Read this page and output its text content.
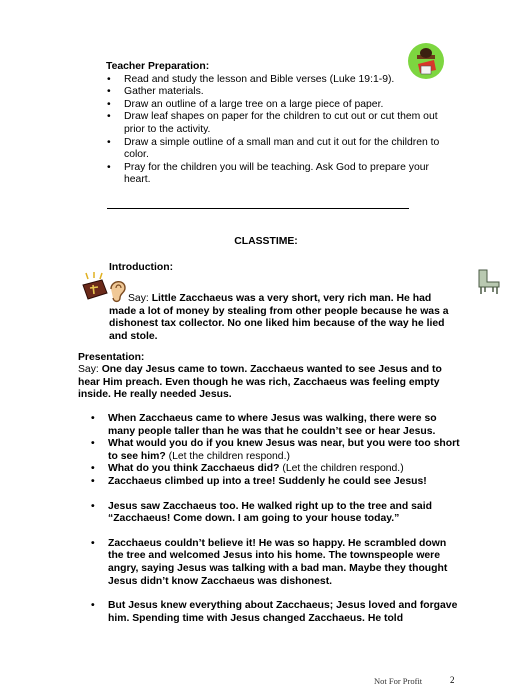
Teacher Preparation:
• Read and study the lesson and Bible verses (Luke 19:1-9).
• Gather materials.
• Draw an outline of a large tree on a large piece of paper.
• Draw leaf shapes on paper for the children to cut out or cut them out prior to the activity.
• Draw a simple outline of a small man and cut it out for the children to color.
• Pray for the children you will be teaching. Ask God to prepare your heart.
CLASSTIME:
Introduction:
Say: Little Zacchaeus was a very short, very rich man. He had made a lot of money by stealing from other people because he was a dishonest tax collector. No one liked him because of the way he lied and stole.
Presentation:
Say: One day Jesus came to town. Zacchaeus wanted to see Jesus and to hear Him preach. Even though he was rich, Zacchaeus was feeling empty inside. He really needed Jesus.
• When Zacchaeus came to where Jesus was walking, there were so many people taller than he was that he couldn’t see or hear Jesus.
• What would you do if you knew Jesus was near, but you were too short to see him? (Let the children respond.)
• What do you think Zacchaeus did? (Let the children respond.)
• Zacchaeus climbed up into a tree! Suddenly he could see Jesus!
• Jesus saw Zacchaeus too. He walked right up to the tree and said “Zacchaeus! Come down. I am going to your house today.”
• Zacchaeus couldn’t believe it! He was so happy. He scrambled down the tree and welcomed Jesus into his home. The townspeople were angry, saying Jesus was talking with a bad man. Maybe they thought Jesus didn’t know Zacchaeus was dishonest.
• But Jesus knew everything about Zacchaeus; Jesus loved and forgave him. Spending time with Jesus changed Zacchaeus. He told
Not For Profit	2
